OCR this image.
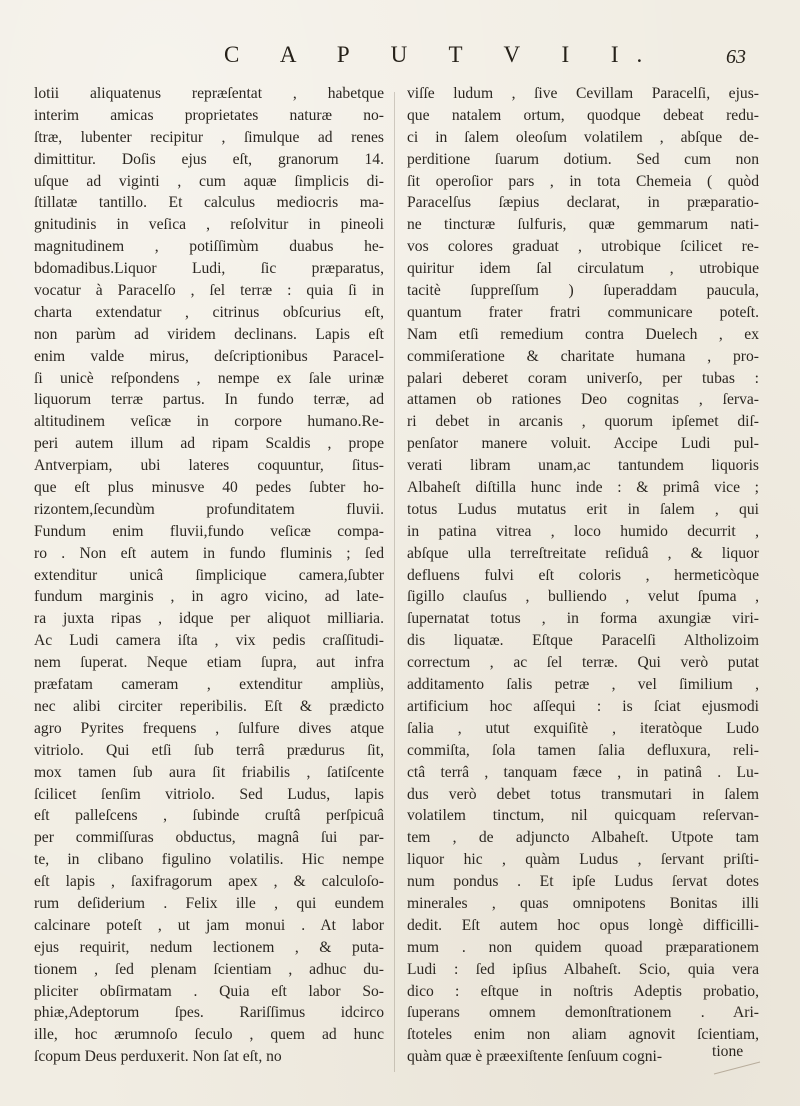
C A P U T V I I.	63
lotii aliquatenus repræſentat , habetque
interim amicas proprietates naturæ no-
ſtræ, lubenter recipitur , ſimulque ad renes
dimittitur. Doſis ejus eſt, granorum 14.
uſque ad viginti , cum aquæ ſimplicis di-
ſtillatæ tantillo. Et calculus mediocris ma-
gnitudinis in veſica , reſolvitur in pineoli
magnitudinem , potiſſimùm duabus he-
bdomadibus.Liquor Ludi, ſic præparatus,
vocatur à Paracelſo , ſel terræ : quia ſi in
charta extendatur , citrinus obſcurius eſt,
non parùm ad viridem declinans. Lapis eſt
enim valde mirus, deſcriptionibus Paracel-
ſi unicè reſpondens , nempe ex ſale urinæ
liquorum terræ partus. In fundo terræ, ad
altitudinem veſicæ in corpore humano.Re-
peri autem illum ad ripam Scaldis , prope
Antverpiam, ubi lateres coquuntur, ſitus-
que eſt plus minusve 40 pedes ſubter ho-
rizontem,ſecundùm profunditatem fluvii.
Fundum enim fluvii,fundo veſicæ compa-
ro . Non eſt autem in fundo fluminis ; ſed
extenditur unicâ ſimplicique camera,ſubter
fundum marginis , in agro vicino, ad late-
ra juxta ripas , idque per aliquot milliaria.
Ac Ludi camera iſta , vix pedis craſſitudi-
nem ſuperat. Neque etiam ſupra, aut infra
præfatam cameram , extenditur ampliùs,
nec alibi circiter reperibilis. Eſt & prædicto
agro Pyrites frequens , ſulfure dives atque
vitriolo. Qui etſi ſub terrâ prædurus ſit,
mox tamen ſub aura ſit friabilis , ſatiſcente
ſcilicet ſenſim vitriolo. Sed Ludus, lapis
eſt palleſcens , ſubinde cruſtâ perſpicuâ
per commiſſuras obductus, magnâ ſui par-
te, in clibano figulino volatilis. Hic nempe
eſt lapis , ſaxifragorum apex , & calculoſo-
rum deſiderium . Felix ille , qui eundem
calcinare poteſt , ut jam monui . At labor
ejus requirit, nedum lectionem , & puta-
tionem , ſed plenam ſcientiam , adhuc du-
pliciter obſirmatam . Quia eſt labor So-
phiæ,Adeptorum ſpes. Rariſſimus idcirco
ille, hoc ærumnoſo ſeculo , quem ad hunc
ſcopum Deus perduxerit. Non ſat eſt, no
viſſe ludum , ſive Cevillam Paracelſi, ejus-
que natalem ortum, quodque debeat redu-
ci in ſalem oleoſum volatilem , abſque de-
perditione ſuarum dotium. Sed cum non
ſit operoſior pars , in tota Chemeia ( quòd
Paracelſus ſæpius declarat, in præparatio-
ne tincturæ ſulfuris, quæ gemmarum nati-
vos colores graduat , utrobique ſcilicet re-
quiritur idem ſal circulatum , utrobique
tacitè ſuppreſſum ) ſuperaddam paucula,
quantum frater fratri communicare poteſt.
Nam etſi remedium contra Duelech , ex
commiſeratione & charitate humana , pro-
palari deberet coram univerſo, per tubas :
attamen ob rationes Deo cognitas , ſerva-
ri debet in arcanis , quorum ipſemet diſ-
penſator manere voluit. Accipe Ludi pul-
verati libram unam,ac tantundem liquoris
Albaheſt diſtilla hunc inde : & primâ vice ;
totus Ludus mutatus erit in ſalem , qui
in patina vitrea , loco humido decurrit ,
abſque ulla terreſtreitate reſiduâ , & liquor
defluens fulvi eſt coloris , hermeticòque
ſigillo clauſus , bulliendo , velut ſpuma ,
ſupernatat totus , in forma axungiæ viri-
dis liquatæ. Eſtque Paracelſi Altholizoim
correctum , ac ſel terræ. Qui verò putat
additamento ſalis petræ , vel ſimilium ,
artificium hoc aſſequi : is ſciat ejusmodi
ſalia , utut exquiſitè , iteratòque Ludo
commiſta, ſola tamen ſalia defluxura, reli-
ctâ terrâ , tanquam fæce , in patinâ . Lu-
dus verò debet totus transmutari in ſalem
volatilem tinctum, nil quicquam reſervan-
tem , de adjuncto Albaheſt. Utpote tam
liquor hic , quàm Ludus , ſervant priſti-
num pondus . Et ipſe Ludus ſervat dotes
minerales , quas omnipotens Bonitas illi
dedit. Eſt autem hoc opus longè difficilli-
mum . non quidem quoad præparationem
Ludi : ſed ipſius Albaheſt. Scio, quia vera
dico : eſtque in noſtris Adeptis probatio,
ſuperans omnem demonſtrationem . Ari-
ſtoteles enim non aliam agnovit ſcientiam,
quàm quæ è præexiſtente ſenſuum cogni-	tione
